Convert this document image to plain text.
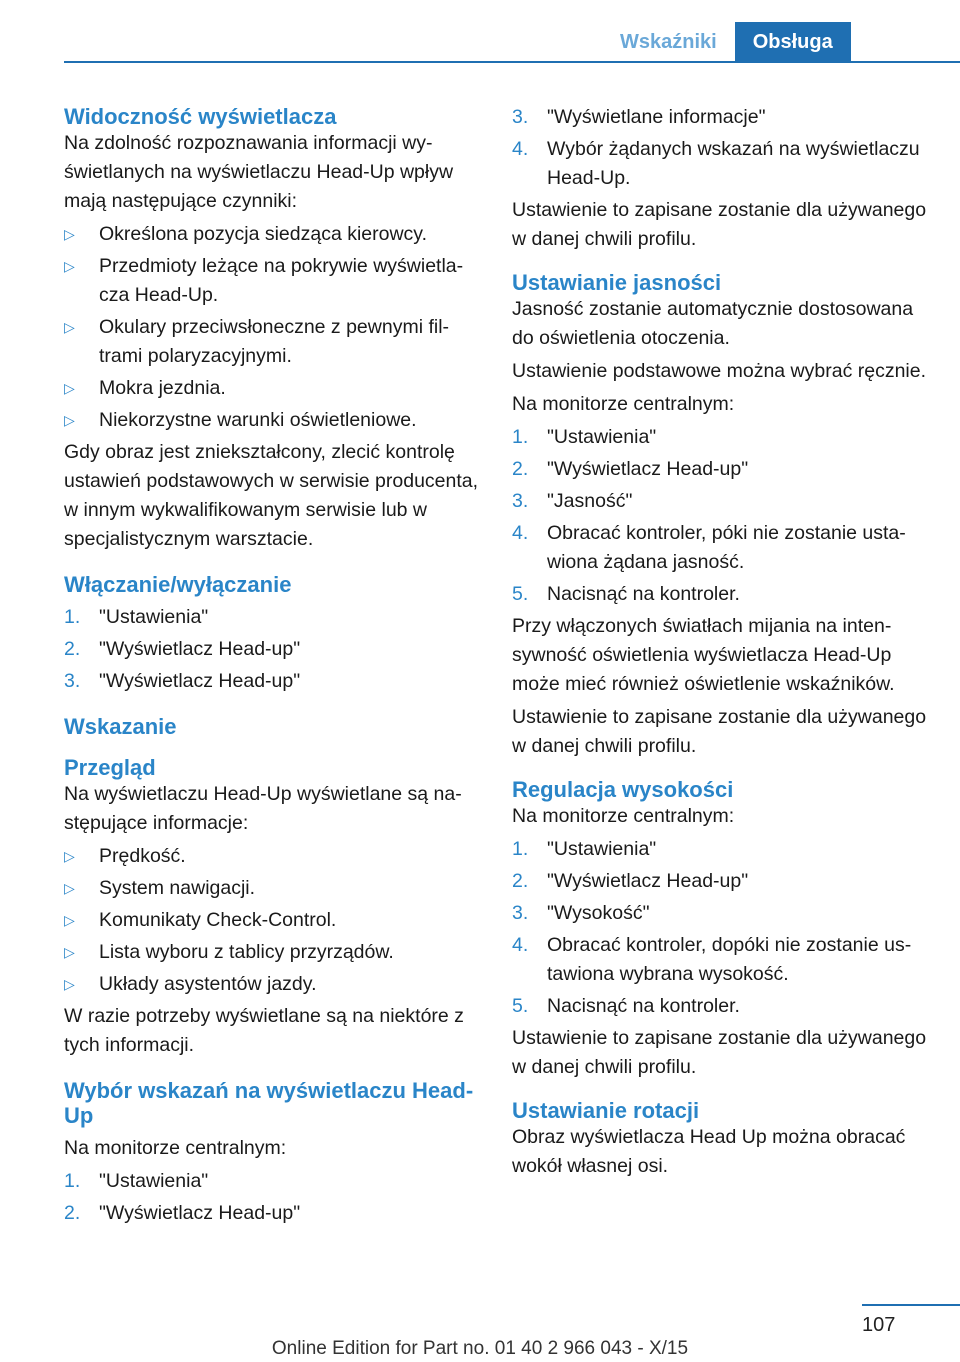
Wskaźniki	Obsługa
Widoczność wyświetlacza

Na zdolność rozpoznawania informacji wyświetlanych na wyświetlaczu Head-Up wpływ mają następujące czynniki:

▷ Określona pozycja siedząca kierowcy.
▷ Przedmioty leżące na pokrywie wyświetlacza Head-Up.
▷ Okulary przeciwsłoneczne z pewnymi filtrami polaryzacyjnymi.
▷ Mokra jezdnia.
▷ Niekorzystne warunki oświetleniowe.

Gdy obraz jest zniekształcony, zlecić kontrolę ustawień podstawowych w serwisie producenta, w innym wykwalifikowanym serwisie lub w specjalistycznym warsztacie.

Włączanie/wyłączanie
1. "Ustawienia"
2. "Wyświetlacz Head-up"
3. "Wyświetlacz Head-up"
Wskazanie
Przegląd

Na wyświetlaczu Head-Up wyświetlane są następujące informacje:

▷ Prędkość.
▷ System nawigacji.
▷ Komunikaty Check-Control.
▷ Lista wyboru z tablicy przyrządów.
▷ Układy asystentów jazdy.

W razie potrzeby wyświetlane są na niektóre z tych informacji.

Wybór wskazań na wyświetlaczu Head-Up

Na monitorze centralnym:

1. "Ustawienia"
2. "Wyświetlacz Head-up"
3. "Wyświetlane informacje"
4. Wybór żądanych wskazań na wyświetlaczu Head-Up.

Ustawienie to zapisane zostanie dla używanego w danej chwili profilu.

Ustawianie jasności

Jasność zostanie automatycznie dostosowana do oświetlenia otoczenia.

Ustawienie podstawowe można wybrać ręcznie.

Na monitorze centralnym:

1. "Ustawienia"
2. "Wyświetlacz Head-up"
3. "Jasność"
4. Obracać kontroler, póki nie zostanie ustawiona żądana jasność.
5. Nacisnąć na kontroler.

Przy włączonych światłach mijania na intensywność oświetlenia wyświetlacza Head-Up może mieć również oświetlenie wskaźników.

Ustawienie to zapisane zostanie dla używanego w danej chwili profilu.

Regulacja wysokości

Na monitorze centralnym:

1. "Ustawienia"
2. "Wyświetlacz Head-up"
3. "Wysokość"
4. Obracać kontroler, dopóki nie zostanie ustawiona wybrana wysokość.
5. Nacisnąć na kontroler.

Ustawienie to zapisane zostanie dla używanego w danej chwili profilu.

Ustawianie rotacji

Obraz wyświetlacza Head Up można obracać wokół własnej osi.

107
Online Edition for Part no. 01 40 2 966 043 - X/15
